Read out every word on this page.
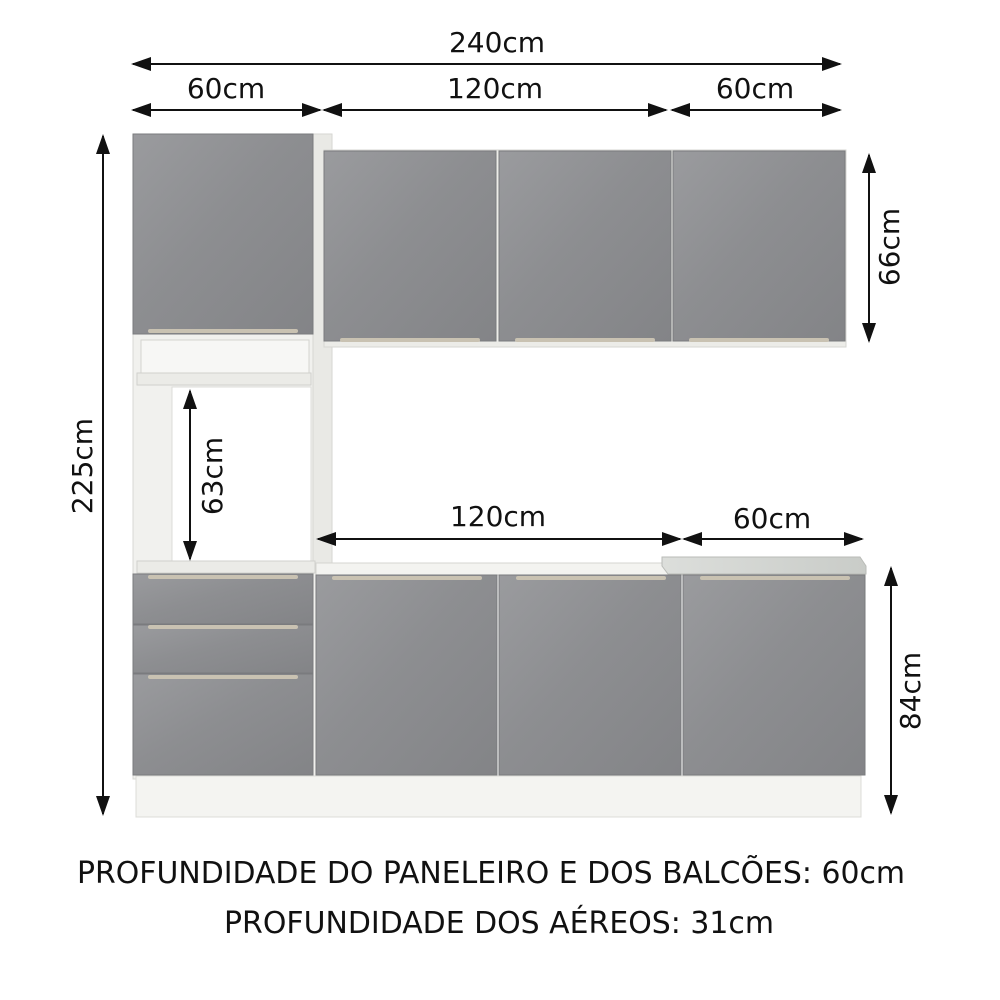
240cm
60cm	120cm	60cm
225cm
66cm
63cm
120cm	60cm
84cm
PROFUNDIDADE DO PANELEIRO E DOS BALCÕES: 60cm
PROFUNDIDADE DOS AÉREOS: 31cm
